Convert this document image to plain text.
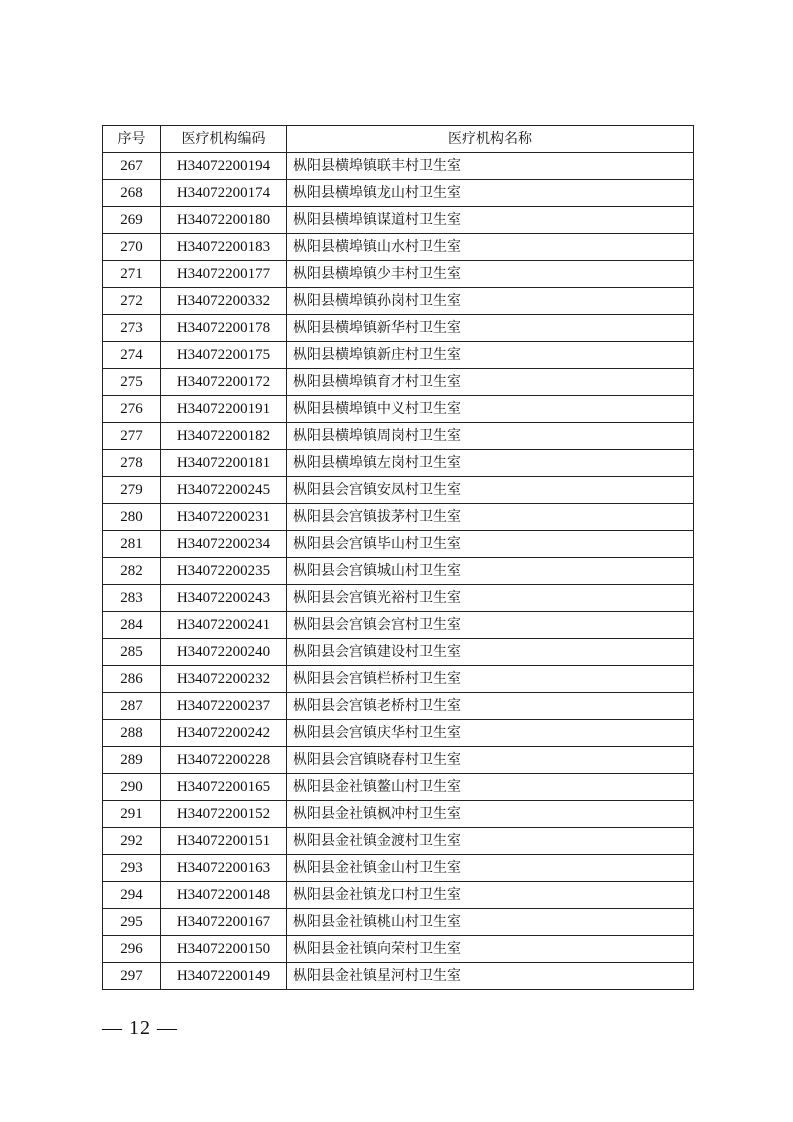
序号	医疗机构编码	医疗机构名称
267	H34072200194	枞阳县横埠镇联丰村卫生室
268	H34072200174	枞阳县横埠镇龙山村卫生室
269	H34072200180	枞阳县横埠镇谋道村卫生室
270	H34072200183	枞阳县横埠镇山水村卫生室
271	H34072200177	枞阳县横埠镇少丰村卫生室
272	H34072200332	枞阳县横埠镇孙岗村卫生室
273	H34072200178	枞阳县横埠镇新华村卫生室
274	H34072200175	枞阳县横埠镇新庄村卫生室
275	H34072200172	枞阳县横埠镇育才村卫生室
276	H34072200191	枞阳县横埠镇中义村卫生室
277	H34072200182	枞阳县横埠镇周岗村卫生室
278	H34072200181	枞阳县横埠镇左岗村卫生室
279	H34072200245	枞阳县会宫镇安凤村卫生室
280	H34072200231	枞阳县会宫镇拔茅村卫生室
281	H34072200234	枞阳县会宫镇毕山村卫生室
282	H34072200235	枞阳县会宫镇城山村卫生室
283	H34072200243	枞阳县会宫镇光裕村卫生室
284	H34072200241	枞阳县会宫镇会宫村卫生室
285	H34072200240	枞阳县会宫镇建设村卫生室
286	H34072200232	枞阳县会宫镇栏桥村卫生室
287	H34072200237	枞阳县会宫镇老桥村卫生室
288	H34072200242	枞阳县会宫镇庆华村卫生室
289	H34072200228	枞阳县会宫镇晓春村卫生室
290	H34072200165	枞阳县金社镇鳌山村卫生室
291	H34072200152	枞阳县金社镇枫冲村卫生室
292	H34072200151	枞阳县金社镇金渡村卫生室
293	H34072200163	枞阳县金社镇金山村卫生室
294	H34072200148	枞阳县金社镇龙口村卫生室
295	H34072200167	枞阳县金社镇桃山村卫生室
296	H34072200150	枞阳县金社镇向荣村卫生室
297	H34072200149	枞阳县金社镇星河村卫生室
— 12 —
